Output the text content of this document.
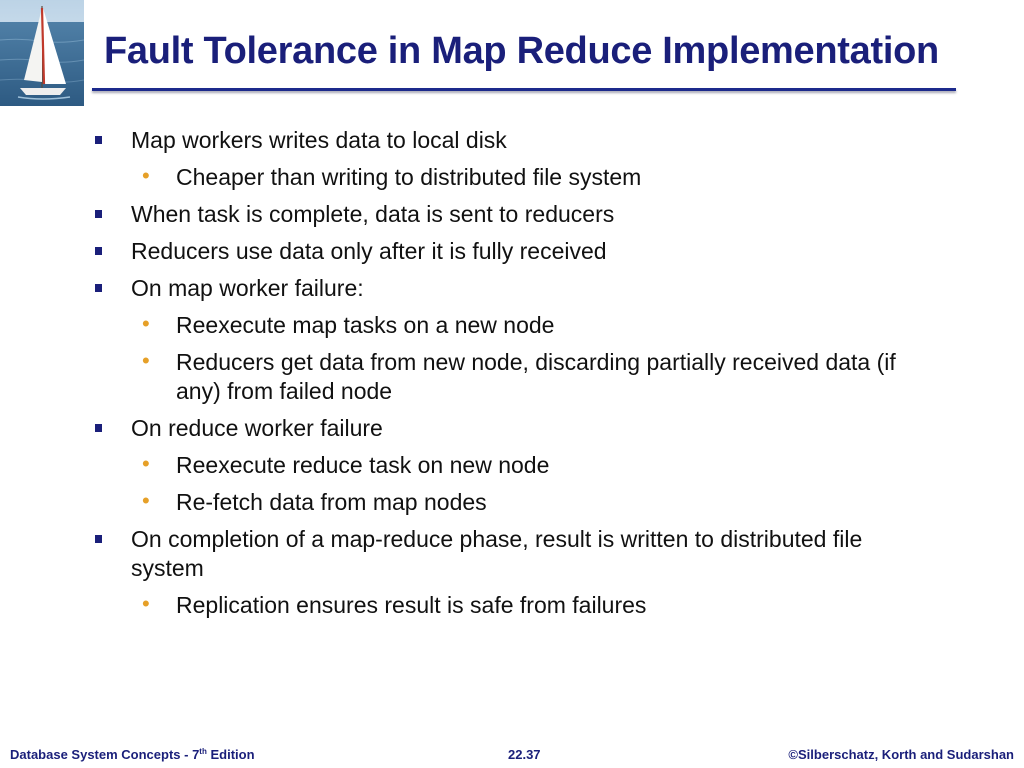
Fault Tolerance in Map Reduce Implementation
Map workers writes data to local disk
• Cheaper than writing to distributed file system
When task is complete, data is sent to reducers
Reducers use data only after it is fully received
On map worker failure:
• Reexecute map tasks on a new node
• Reducers get data from new node, discarding partially received data (if any) from failed node
On reduce worker failure
• Reexecute reduce task on new node
• Re-fetch data from map nodes
On completion of a map-reduce phase, result is written to distributed file system
• Replication ensures result is safe from failures
Database System Concepts - 7th Edition	22.37	©Silberschatz, Korth and Sudarshan
